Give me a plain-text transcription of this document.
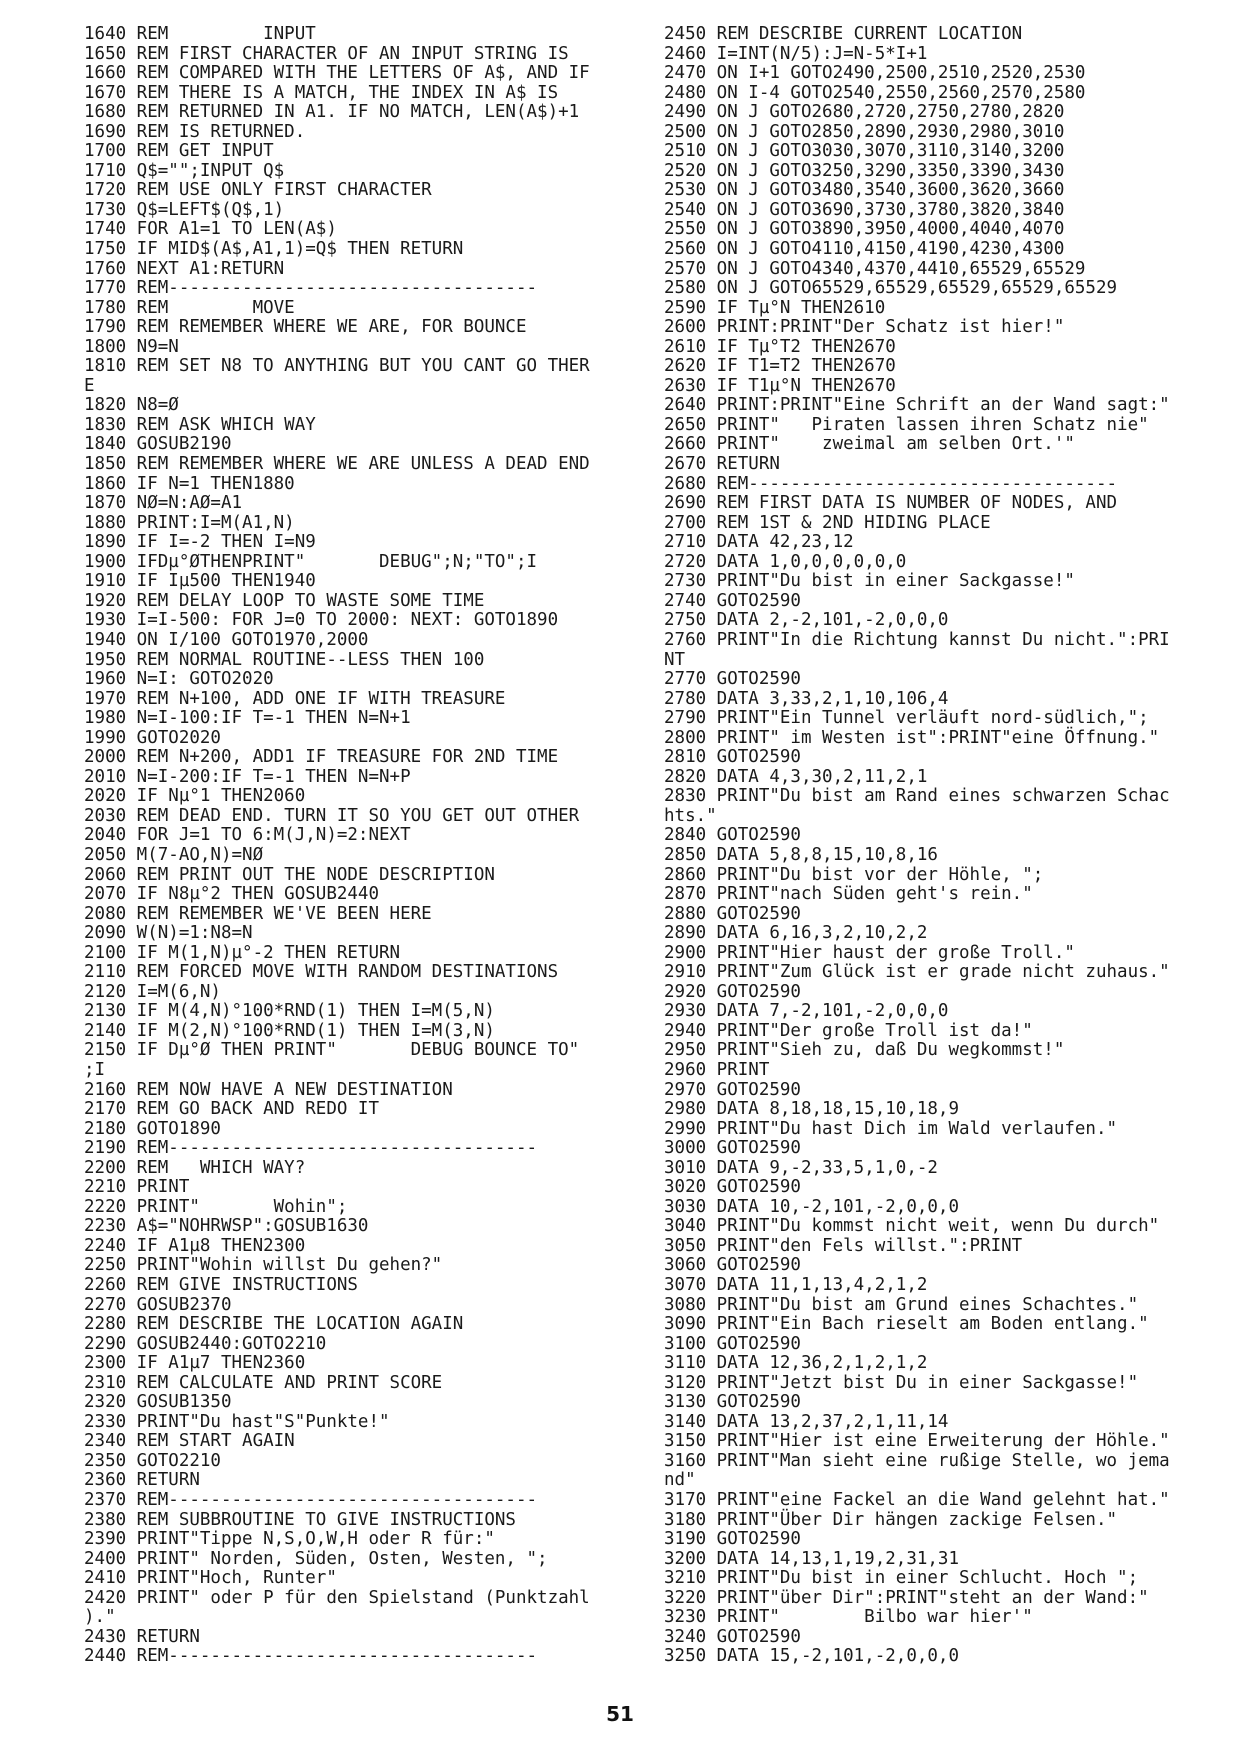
1640 REM         INPUT
1650 REM FIRST CHARACTER OF AN INPUT STRING IS
1660 REM COMPARED WITH THE LETTERS OF A$, AND IF
1670 REM THERE IS A MATCH, THE INDEX IN A$ IS
1680 REM RETURNED IN A1. IF NO MATCH, LEN(A$)+1
1690 REM IS RETURNED.
1700 REM GET INPUT
1710 Q$="";INPUT Q$
1720 REM USE ONLY FIRST CHARACTER
1730 Q$=LEFT$(Q$,1)
1740 FOR A1=1 TO LEN(A$)
1750 IF MID$(A$,A1,1)=Q$ THEN RETURN
1760 NEXT A1:RETURN
1770 REM-----------------------------------
1780 REM        MOVE
1790 REM REMEMBER WHERE WE ARE, FOR BOUNCE
1800 N9=N
1810 REM SET N8 TO ANYTHING BUT YOU CANT GO THER
E
1820 N8=Ø
1830 REM ASK WHICH WAY
1840 GOSUB2190
1850 REM REMEMBER WHERE WE ARE UNLESS A DEAD END
1860 IF N=1 THEN1880
1870 NØ=N:AØ=A1
1880 PRINT:I=M(A1,N)
1890 IF I=-2 THEN I=N9
1900 IFDµ°ØTHENPRINT"       DEBUG";N;"TO";I
1910 IF Iµ500 THEN1940
1920 REM DELAY LOOP TO WASTE SOME TIME
1930 I=I-500: FOR J=0 TO 2000: NEXT: GOTO1890
1940 ON I/100 GOTO1970,2000
1950 REM NORMAL ROUTINE--LESS THEN 100
1960 N=I: GOTO2020
1970 REM N+100, ADD ONE IF WITH TREASURE
1980 N=I-100:IF T=-1 THEN N=N+1
1990 GOTO2020
2000 REM N+200, ADD1 IF TREASURE FOR 2ND TIME
2010 N=I-200:IF T=-1 THEN N=N+P
2020 IF Nµ°1 THEN2060
2030 REM DEAD END. TURN IT SO YOU GET OUT OTHER
2040 FOR J=1 TO 6:M(J,N)=2:NEXT
2050 M(7-AO,N)=NØ
2060 REM PRINT OUT THE NODE DESCRIPTION
2070 IF N8µ°2 THEN GOSUB2440
2080 REM REMEMBER WE'VE BEEN HERE
2090 W(N)=1:N8=N
2100 IF M(1,N)µ°-2 THEN RETURN
2110 REM FORCED MOVE WITH RANDOM DESTINATIONS
2120 I=M(6,N)
2130 IF M(4,N)°100*RND(1) THEN I=M(5,N)
2140 IF M(2,N)°100*RND(1) THEN I=M(3,N)
2150 IF Dµ°Ø THEN PRINT"       DEBUG BOUNCE TO"
;I
2160 REM NOW HAVE A NEW DESTINATION
2170 REM GO BACK AND REDO IT
2180 GOTO1890
2190 REM-----------------------------------
2200 REM   WHICH WAY?
2210 PRINT
2220 PRINT"       Wohin";
2230 A$="NOHRWSP":GOSUB1630
2240 IF A1µ8 THEN2300
2250 PRINT"Wohin willst Du gehen?"
2260 REM GIVE INSTRUCTIONS
2270 GOSUB2370
2280 REM DESCRIBE THE LOCATION AGAIN
2290 GOSUB2440:GOTO2210
2300 IF A1µ7 THEN2360
2310 REM CALCULATE AND PRINT SCORE
2320 GOSUB1350
2330 PRINT"Du hast"S"Punkte!"
2340 REM START AGAIN
2350 GOTO2210
2360 RETURN
2370 REM-----------------------------------
2380 REM SUBBROUTINE TO GIVE INSTRUCTIONS
2390 PRINT"Tippe N,S,O,W,H oder R für:"
2400 PRINT" Norden, Süden, Osten, Westen, ";
2410 PRINT"Hoch, Runter"
2420 PRINT" oder P für den Spielstand (Punktzahl
)."
2430 RETURN
2440 REM-----------------------------------
2450 REM DESCRIBE CURRENT LOCATION
2460 I=INT(N/5):J=N-5*I+1
2470 ON I+1 GOTO2490,2500,2510,2520,2530
2480 ON I-4 GOTO2540,2550,2560,2570,2580
2490 ON J GOTO2680,2720,2750,2780,2820
2500 ON J GOTO2850,2890,2930,2980,3010
2510 ON J GOTO3030,3070,3110,3140,3200
2520 ON J GOTO3250,3290,3350,3390,3430
2530 ON J GOTO3480,3540,3600,3620,3660
2540 ON J GOTO3690,3730,3780,3820,3840
2550 ON J GOTO3890,3950,4000,4040,4070
2560 ON J GOTO4110,4150,4190,4230,4300
2570 ON J GOTO4340,4370,4410,65529,65529
2580 ON J GOTO65529,65529,65529,65529,65529
2590 IF Tµ°N THEN2610
2600 PRINT:PRINT"Der Schatz ist hier!"
2610 IF Tµ°T2 THEN2670
2620 IF T1=T2 THEN2670
2630 IF T1µ°N THEN2670
2640 PRINT:PRINT"Eine Schrift an der Wand sagt:"
2650 PRINT"   Piraten lassen ihren Schatz nie"
2660 PRINT"    zweimal am selben Ort.'"
2670 RETURN
2680 REM-----------------------------------
2690 REM FIRST DATA IS NUMBER OF NODES, AND
2700 REM 1ST & 2ND HIDING PLACE
2710 DATA 42,23,12
2720 DATA 1,0,0,0,0,0,0
2730 PRINT"Du bist in einer Sackgasse!"
2740 GOTO2590
2750 DATA 2,-2,101,-2,0,0,0
2760 PRINT"In die Richtung kannst Du nicht.":PRI
NT
2770 GOTO2590
2780 DATA 3,33,2,1,10,106,4
2790 PRINT"Ein Tunnel verläuft nord-südlich,";
2800 PRINT" im Westen ist":PRINT"eine Öffnung."
2810 GOTO2590
2820 DATA 4,3,30,2,11,2,1
2830 PRINT"Du bist am Rand eines schwarzen Schac
hts."
2840 GOTO2590
2850 DATA 5,8,8,15,10,8,16
2860 PRINT"Du bist vor der Höhle, ";
2870 PRINT"nach Süden geht's rein."
2880 GOTO2590
2890 DATA 6,16,3,2,10,2,2
2900 PRINT"Hier haust der große Troll."
2910 PRINT"Zum Glück ist er grade nicht zuhaus."
2920 GOTO2590
2930 DATA 7,-2,101,-2,0,0,0
2940 PRINT"Der große Troll ist da!"
2950 PRINT"Sieh zu, daß Du wegkommst!"
2960 PRINT
2970 GOTO2590
2980 DATA 8,18,18,15,10,18,9
2990 PRINT"Du hast Dich im Wald verlaufen."
3000 GOTO2590
3010 DATA 9,-2,33,5,1,0,-2
3020 GOTO2590
3030 DATA 10,-2,101,-2,0,0,0
3040 PRINT"Du kommst nicht weit, wenn Du durch"
3050 PRINT"den Fels willst.":PRINT
3060 GOTO2590
3070 DATA 11,1,13,4,2,1,2
3080 PRINT"Du bist am Grund eines Schachtes."
3090 PRINT"Ein Bach rieselt am Boden entlang."
3100 GOTO2590
3110 DATA 12,36,2,1,2,1,2
3120 PRINT"Jetzt bist Du in einer Sackgasse!"
3130 GOTO2590
3140 DATA 13,2,37,2,1,11,14
3150 PRINT"Hier ist eine Erweiterung der Höhle."
3160 PRINT"Man sieht eine rußige Stelle, wo jema
nd"
3170 PRINT"eine Fackel an die Wand gelehnt hat."
3180 PRINT"Über Dir hängen zackige Felsen."
3190 GOTO2590
3200 DATA 14,13,1,19,2,31,31
3210 PRINT"Du bist in einer Schlucht. Hoch ";
3220 PRINT"über Dir":PRINT"steht an der Wand:"
3230 PRINT"        Bilbo war hier'"
3240 GOTO2590
3250 DATA 15,-2,101,-2,0,0,0
51
